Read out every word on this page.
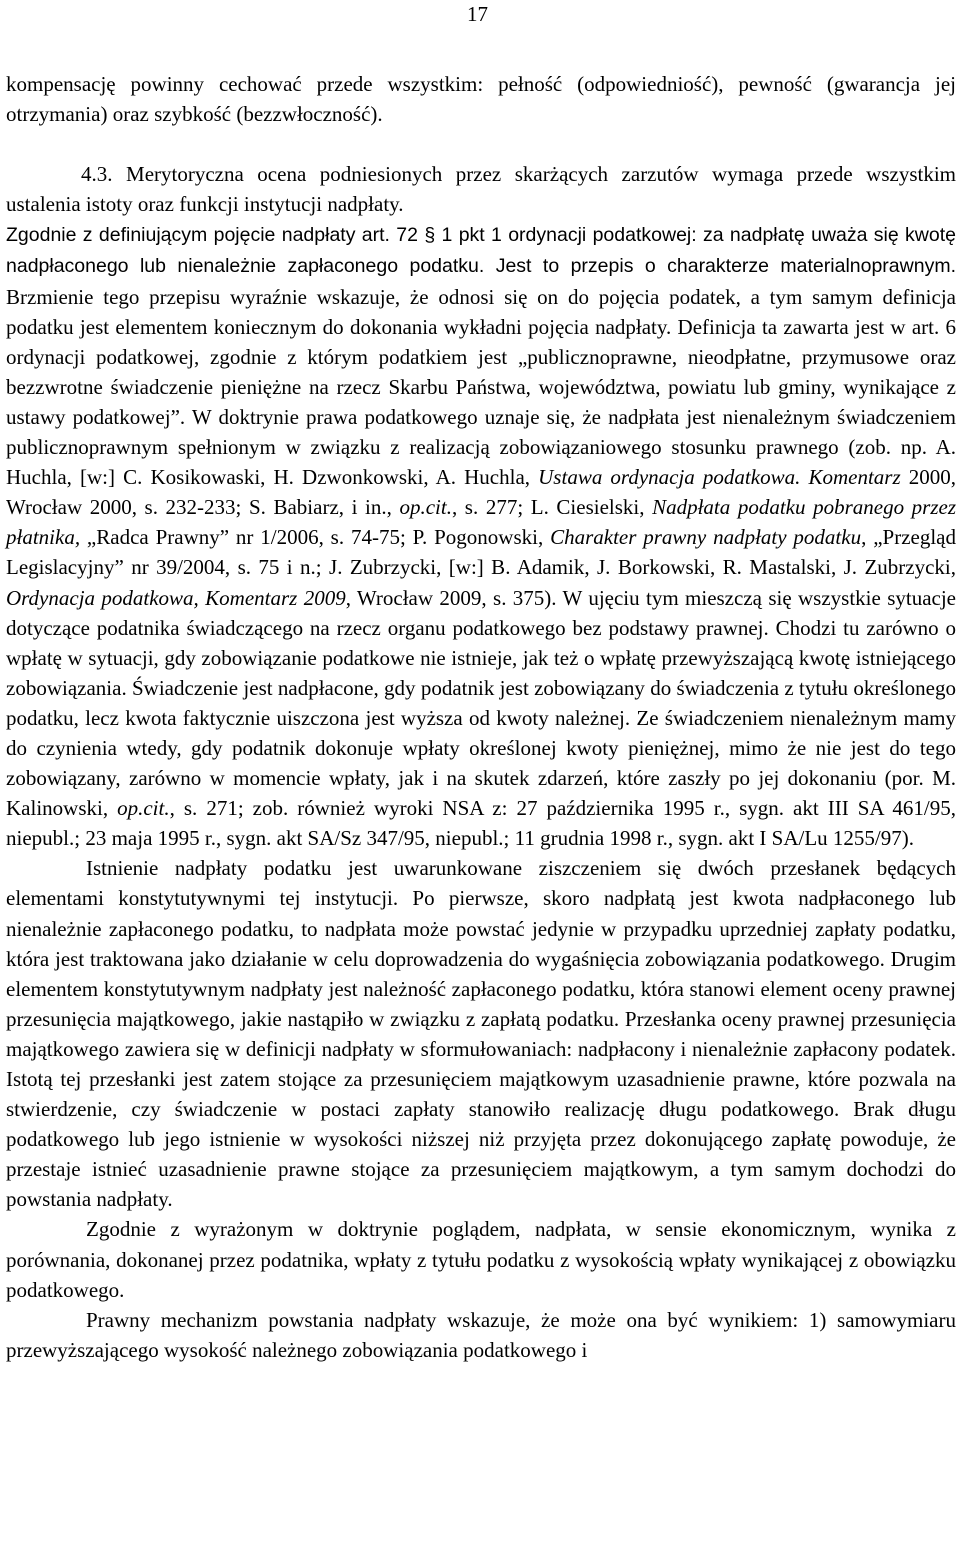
17

kompensację powinny cechować przede wszystkim: pełność (odpowiedniość), pewność (gwarancja jej otrzymania) oraz szybkość (bezzwłoczność).

4.3. Merytoryczna ocena podniesionych przez skarżących zarzutów wymaga przede wszystkim ustalenia istoty oraz funkcji instytucji nadpłaty.

Zgodnie z definiującym pojęcie nadpłaty art. 72 § 1 pkt 1 ordynacji podatkowej: za nadpłatę uważa się kwotę nadpłaconego lub nienależnie zapłaconego podatku. Jest to przepis o charakterze materialnoprawnym. Brzmienie tego przepisu wyraźnie wskazuje, że odnosi się on do pojęcia podatek, a tym samym definicja podatku jest elementem koniecznym do dokonania wykładni pojęcia nadpłaty. Definicja ta zawarta jest w art. 6 ordynacji podatkowej, zgodnie z którym podatkiem jest „publicznoprawne, nieodpłatne, przymusowe oraz bezzwrotne świadczenie pieniężne na rzecz Skarbu Państwa, województwa, powiatu lub gminy, wynikające z ustawy podatkowej”. W doktrynie prawa podatkowego uznaje się, że nadpłata jest nienależnym świadczeniem publicznoprawnym spełnionym w związku z realizacją zobowiązaniowego stosunku prawnego (zob. np. A. Huchla, [w:] C. Kosikowaski, H. Dzwonkowski, A. Huchla, Ustawa ordynacja podatkowa. Komentarz 2000, Wrocław 2000, s. 232-233; S. Babiarz, i in., op.cit., s. 277; L. Ciesielski, Nadpłata podatku pobranego przez płatnika, „Radca Prawny” nr 1/2006, s. 74-75; P. Pogonowski, Charakter prawny nadpłaty podatku, „Przegląd Legislacyjny” nr 39/2004, s. 75 i n.; J. Zubrzycki, [w:] B. Adamik, J. Borkowski, R. Mastalski, J. Zubrzycki, Ordynacja podatkowa, Komentarz 2009, Wrocław 2009, s. 375). W ujęciu tym mieszczą się wszystkie sytuacje dotyczące podatnika świadczącego na rzecz organu podatkowego bez podstawy prawnej. Chodzi tu zarówno o wpłatę w sytuacji, gdy zobowiązanie podatkowe nie istnieje, jak też o wpłatę przewyższającą kwotę istniejącego zobowiązania. Świadczenie jest nadpłacone, gdy podatnik jest zobowiązany do świadczenia z tytułu określonego podatku, lecz kwota faktycznie uiszczona jest wyższa od kwoty należnej. Ze świadczeniem nienależnym mamy do czynienia wtedy, gdy podatnik dokonuje wpłaty określonej kwoty pieniężnej, mimo że nie jest do tego zobowiązany, zarówno w momencie wpłaty, jak i na skutek zdarzeń, które zaszły po jej dokonaniu (por. M. Kalinowski, op.cit., s. 271; zob. również wyroki NSA z: 27 października 1995 r., sygn. akt III SA 461/95, niepubl.; 23 maja 1995 r., sygn. akt SA/Sz 347/95, niepubl.; 11 grudnia 1998 r., sygn. akt I SA/Lu 1255/97).

Istnienie nadpłaty podatku jest uwarunkowane ziszczeniem się dwóch przesłanek będących elementami konstytutywnymi tej instytucji. Po pierwsze, skoro nadpłatą jest kwota nadpłaconego lub nienależnie zapłaconego podatku, to nadpłata może powstać jedynie w przypadku uprzedniej zapłaty podatku, która jest traktowana jako działanie w celu doprowadzenia do wygaśnięcia zobowiązania podatkowego. Drugim elementem konstytutywnym nadpłaty jest należność zapłaconego podatku, która stanowi element oceny prawnej przesunięcia majątkowego, jakie nastąpiło w związku z zapłatą podatku. Przesłanka oceny prawnej przesunięcia majątkowego zawiera się w definicji nadpłaty w sformułowaniach: nadpłacony i nienależnie zapłacony podatek. Istotą tej przesłanki jest zatem stojące za przesunięciem majątkowym uzasadnienie prawne, które pozwala na stwierdzenie, czy świadczenie w postaci zapłaty stanowiło realizację długu podatkowego. Brak długu podatkowego lub jego istnienie w wysokości niższej niż przyjęta przez dokonującego zapłatę powoduje, że przestaje istnieć uzasadnienie prawne stojące za przesunięciem majątkowym, a tym samym dochodzi do powstania nadpłaty.

Zgodnie z wyrażonym w doktrynie poglądem, nadpłata, w sensie ekonomicznym, wynika z porównania, dokonanej przez podatnika, wpłaty z tytułu podatku z wysokością wpłaty wynikającej z obowiązku podatkowego.

Prawny mechanizm powstania nadpłaty wskazuje, że może ona być wynikiem: 1) samowymiaru przewyższającego wysokość należnego zobowiązania podatkowego i
